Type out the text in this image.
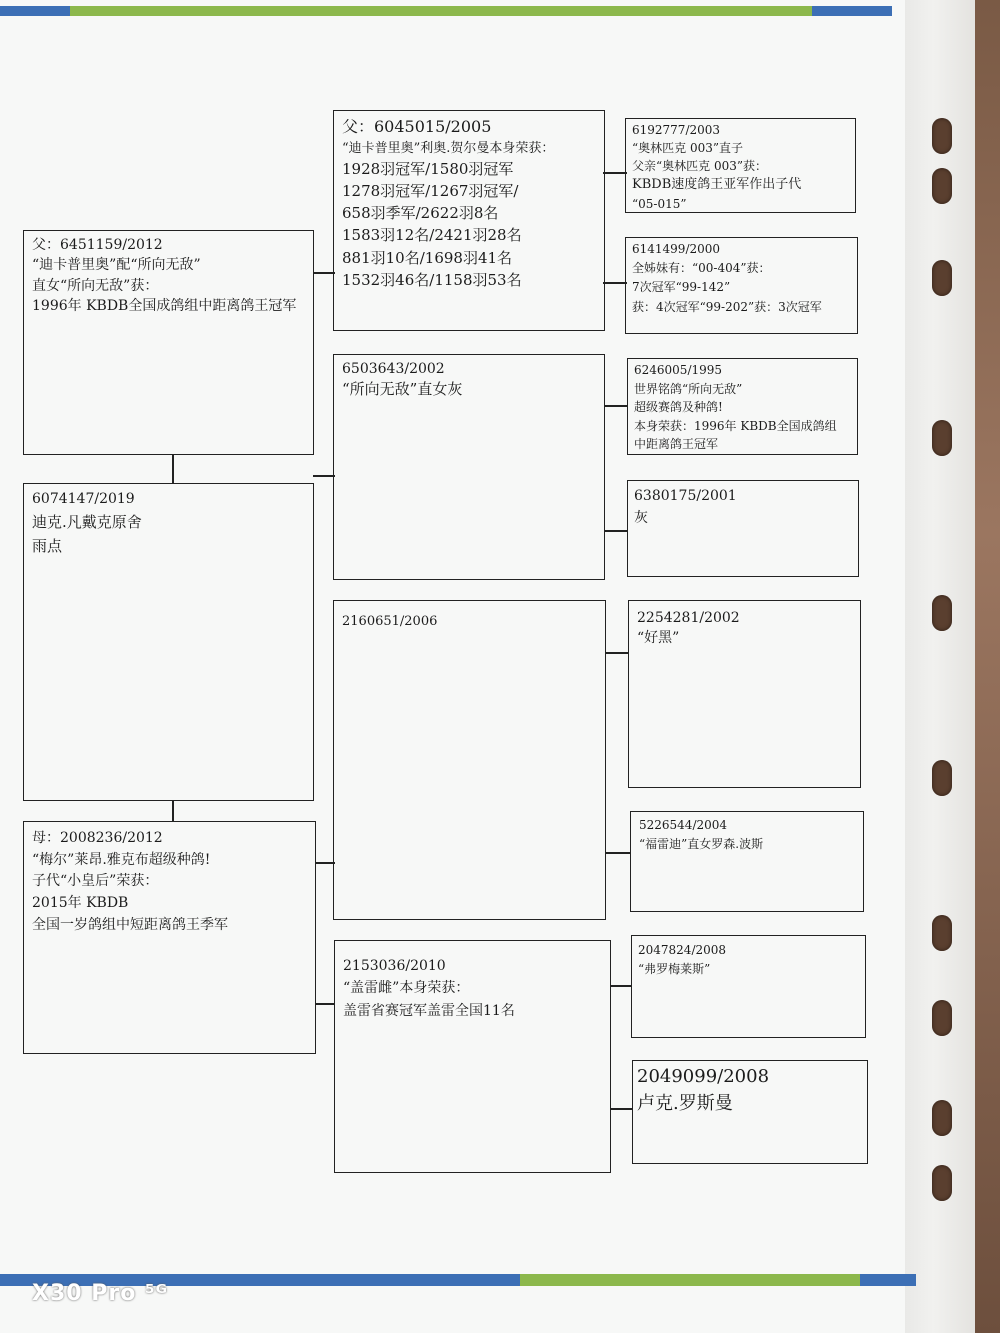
父：6451159/2012
“迪卡普里奥”配“所向无敌”
直女“所向无敌”获：
1996年 KBDB全国成鸽组中距离鸽王冠军
6074147/2019
迪克.凡戴克原舍
雨点
母：2008236/2012
“梅尔”莱昂.雅克布超级种鸽!
子代“小皇后”荣获：
2015年 KBDB
全国一岁鸽组中短距离鸽王季军
父：6045015/2005
“迪卡普里奥”利奥.贺尔曼本身荣获：
1928羽冠军/1580羽冠军
1278羽冠军/1267羽冠军/
658羽季军/2622羽8名
1583羽12名/2421羽28名
881羽10名/1698羽41名
1532羽46名/1158羽53名
6503643/2002
“所向无敌”直女灰
2160651/2006
2153036/2010
“盖雷雌”本身荣获：
盖雷省赛冠军盖雷全国11名
6192777/2003
“奥林匹克 003”直子
父亲“奥林匹克 003”获：
KBDB速度鸽王亚军作出子代
“05-015”
6141499/2000
全姊妹有：“00-404”获：
7次冠军“99-142”
获：4次冠军“99-202”获：3次冠军
6246005/1995
世界铭鸽“所向无敌”
超级赛鸽及种鸽!
本身荣获：1996年 KBDB全国成鸽组
中距离鸽王冠军
6380175/2001
灰
2254281/2002
“好黑”
5226544/2004
“福雷迪”直女罗森.波斯
2047824/2008
“弗罗梅莱斯”
2049099/2008
卢克.罗斯曼
X30 Pro ⁵ᴳ
